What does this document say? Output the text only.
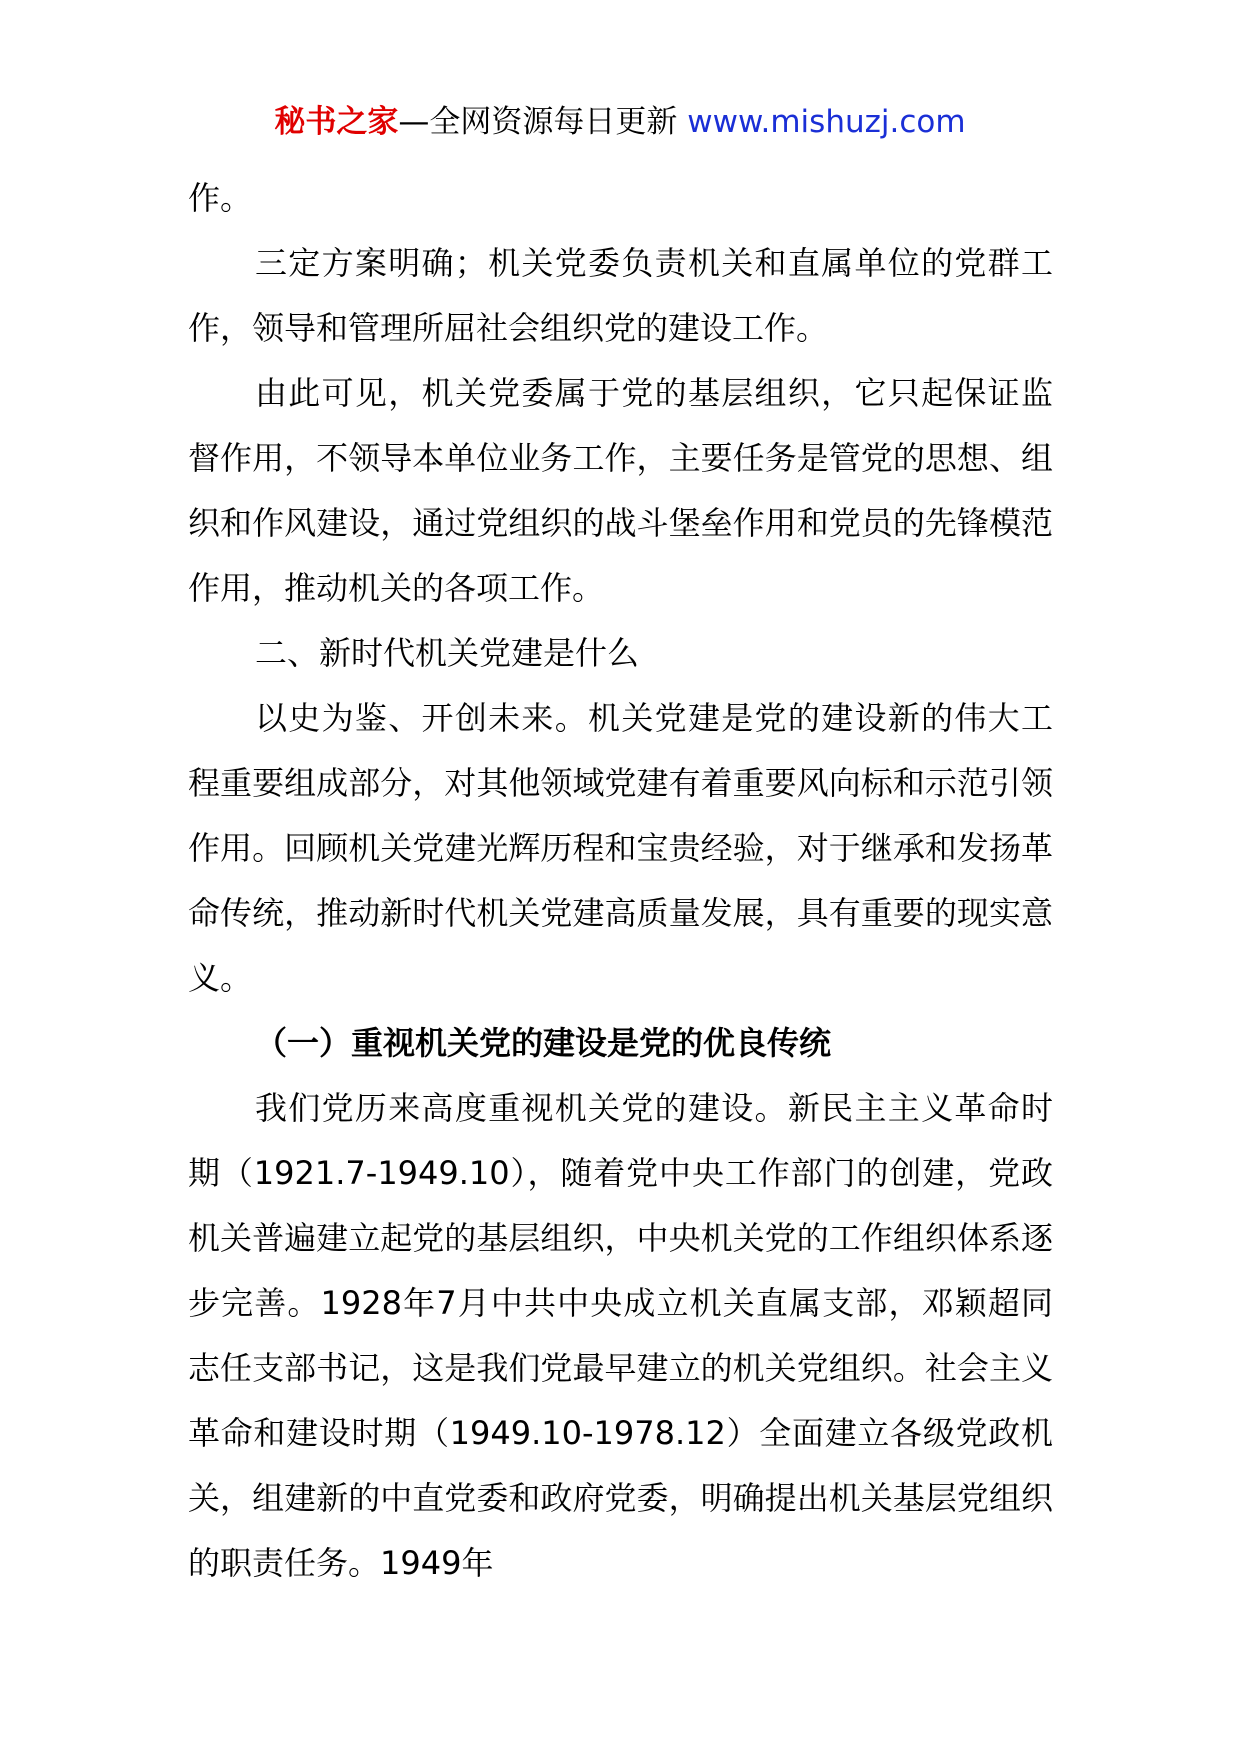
秘书之家—全网资源每日更新 www.mishuzj.com

作。

三定方案明确；机关党委负责机关和直属单位的党群工作，领导和管理所屈社会组织党的建设工作。

由此可见，机关党委属于党的基层组织，它只起保证监督作用，不领导本单位业务工作，主要任务是管党的思想、组织和作风建设，通过党组织的战斗堡垒作用和党员的先锋模范作用，推动机关的各项工作。

二、新时代机关党建是什么

以史为鉴、开创未来。机关党建是党的建设新的伟大工程重要组成部分，对其他领域党建有着重要风向标和示范引领作用。回顾机关党建光辉历程和宝贵经验，对于继承和发扬革命传统，推动新时代机关党建高质量发展，具有重要的现实意义。

（一）重视机关党的建设是党的优良传统

我们党历来高度重视机关党的建设。新民主主义革命时期（1921.7-1949.10），随着党中央工作部门的创建，党政机关普遍建立起党的基层组织，中央机关党的工作组织体系逐步完善。1928年7月中共中央成立机关直属支部，邓颖超同志任支部书记，这是我们党最早建立的机关党组织。社会主义革命和建设时期（1949.10-1978.12）全面建立各级党政机关，组建新的中直党委和政府党委，明确提出机关基层党组织的职责任务。1949年
